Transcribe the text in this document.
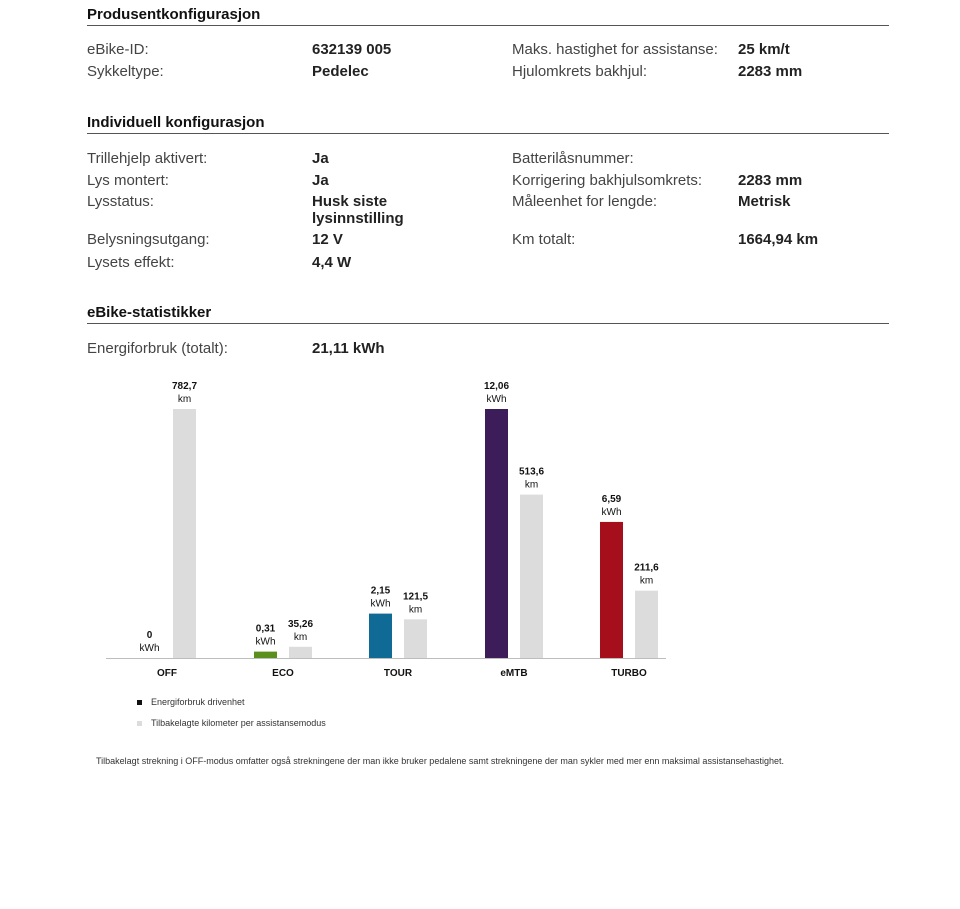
Produsentkonfigurasjon
eBike-ID:	632139 005
Sykkeltype:	Pedelec
Maks. hastighet for assistanse: 25 km/t
Hjulomkrets bakhjul:	2283 mm
Individuell konfigurasjon
Trillehjelp aktivert:	Ja
Lys montert:	Ja
Lysstatus:	Husk siste
lysinnstilling
Belysningsutgang:	12 V
Lysets effekt:	4,4 W
Batterilåsnummer:
Korrigering bakhjulsomkrets: 2283 mm
Måleenhet for lengde:	Metrisk
Km totalt:	1664,94 km
eBike-statistikker
Energiforbruk (totalt):	21,11 kWh
0
kWh
782,7
km
OFF
0,31
kWh
35,26
km
ECO
2,15
kWh
121,5
km
TOUR
12,06
kWh
513,6
km
eMTB
6,59
kWh
211,6
km
TURBO
Energiforbruk drivenhet
Tilbakelagte kilometer per assistansemodus
Tilbakelagt strekning i OFF-modus omfatter også strekningene der man ikke bruker pedalene samt strekningene der man sykler med mer enn maksimal assistansehastighet.
